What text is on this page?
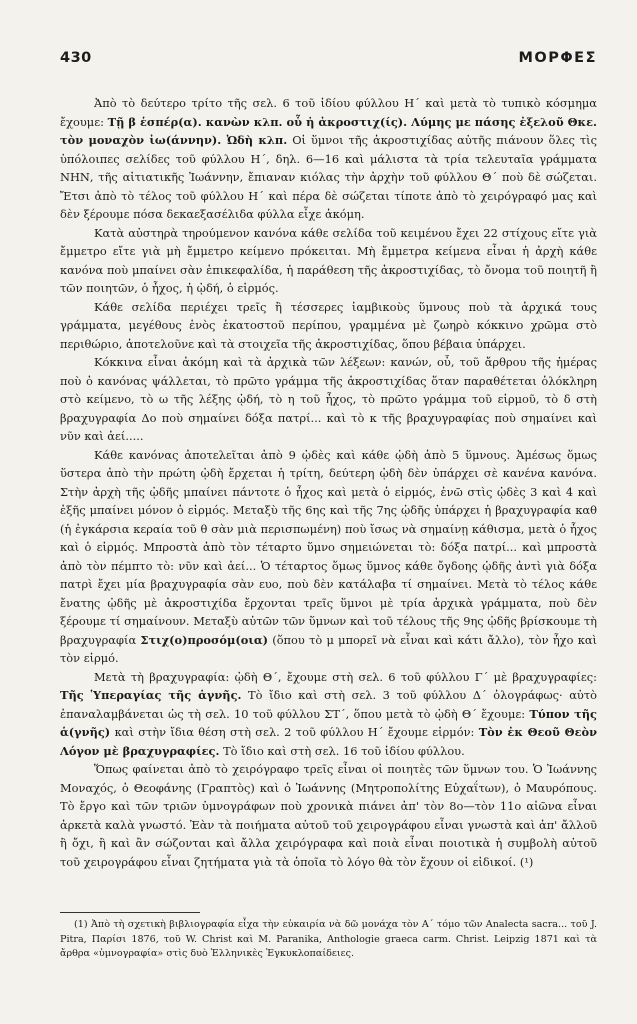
430	ΜΟΡΦΕΣ

Ἀπὸ τὸ δεύτερο τρίτο τῆς σελ. 6 τοῦ ἰδίου φύλλου Η΄ καὶ μετὰ τὸ τυπικὸ κόσμημα ἔχουμε: Τῇ β ἑσπέρ(α). κανὼν κλπ. οὗ ἡ ἀκροστιχ(ίς). Λύμης με πάσης ἐξελοῦ Θκε. τὸν μοναχὸν ἰω(άννην). Ὠδὴ κλπ. Οἱ ὕμνοι τῆς ἀκροστιχίδας αὐτῆς πιάνουν ὅλες τὶς ὑπόλοιπες σελίδες τοῦ φύλλου Η΄, δηλ. 6—16 καὶ μάλιστα τὰ τρία τελευταῖα γράμματα ΝΗΝ, τῆς αἰτιατικῆς Ἰωάννην, ἔπιαναν κιόλας τὴν ἀρχὴν τοῦ φύλλου Θ΄ ποὺ δὲ σώζεται. Ἔτσι ἀπὸ τὸ τέλος τοῦ φύλλου Η΄ καὶ πέρα δὲ σώζεται τίποτε ἀπὸ τὸ χειρόγραφό μας καὶ δὲν ξέρουμε πόσα δεκαεξασέλιδα φύλλα εἶχε ἀκόμη.

Κατὰ αὐστηρὰ τηρούμενον κανόνα κάθε σελίδα τοῦ κειμένου ἔχει 22 στίχους εἴτε γιὰ ἔμμετρο εἴτε γιὰ μὴ ἔμμετρο κείμενο πρόκειται. Μὴ ἔμμετρα κείμενα εἶναι ἡ ἀρχὴ κάθε κανόνα ποὺ μπαίνει σὰν ἐπικεφαλίδα, ἡ παράθεση τῆς ἀκροστιχίδας, τὸ ὄνομα τοῦ ποιητῆ ἢ τῶν ποιητῶν, ὁ ἦχος, ἡ ᾠδή, ὁ εἱρμός.

Κάθε σελίδα περιέχει τρεῖς ἢ τέσσερες ἰαμβικοὺς ὕμνους ποὺ τὰ ἀρχικά τους γράμματα, μεγέθους ἑνὸς ἑκατοστοῦ περίπου, γραμμένα μὲ ζωηρὸ κόκκινο χρῶμα στὸ περιθώριο, ἀποτελοῦνε καὶ τὰ στοιχεῖα τῆς ἀκροστιχίδας, ὅπου βέβαια ὑπάρχει.

Κόκκινα εἶναι ἀκόμη καὶ τὰ ἀρχικὰ τῶν λέξεων: κανών, οὗ, τοῦ ἄρθρου τῆς ἡμέρας ποὺ ὁ κανόνας ψάλλεται, τὸ πρῶτο γράμμα τῆς ἀκροστιχίδας ὅταν παραθέτεται ὁλόκληρη στὸ κείμενο, τὸ ω τῆς λέξης ᾠδή, τὸ η τοῦ ἦχος, τὸ πρῶτο γράμμα τοῦ εἱρμοῦ, τὸ δ στὴ βραχυγραφία Δο ποὺ σημαίνει δόξα πατρί... καὶ τὸ κ τῆς βραχυγραφίας ποὺ σημαίνει καὶ νῦν καὶ ἀεί.....

Κάθε κανόνας ἀποτελεῖται ἀπὸ 9 ᾠδὲς καὶ κάθε ᾠδὴ ἀπὸ 5 ὕμνους. Ἀμέσως ὅμως ὕστερα ἀπὸ τὴν πρώτη ᾠδὴ ἔρχεται ἡ τρίτη, δεύτερη ᾠδὴ δὲν ὑπάρχει σὲ κανένα κανόνα. Στὴν ἀρχὴ τῆς ᾠδῆς μπαίνει πάντοτε ὁ ἦχος καὶ μετὰ ὁ εἱρμός, ἐνῶ στὶς ᾠδὲς 3 καὶ 4 καὶ ἐξῆς μπαίνει μόνον ὁ εἱρμός. Μεταξὺ τῆς 6ης καὶ τῆς 7ης ᾠδῆς ὑπάρχει ἡ βραχυγραφία καθ (ἡ ἐγκάρσια κεραία τοῦ θ σὰν μιὰ περισπωμένη) ποὺ ἴσως νὰ σημαίνῃ κάθισμα, μετὰ ὁ ἦχος καὶ ὁ εἱρμός. Μπροστὰ ἀπὸ τὸν τέταρτο ὕμνο σημειώνεται τὸ: δόξα πατρί... καὶ μπροστὰ ἀπὸ τὸν πέμπτο τὸ: νῦν καὶ ἀεί... Ὁ τέταρτος ὅμως ὕμνος κάθε ὄγδοης ᾠδῆς ἀντὶ γιὰ δόξα πατρὶ ἔχει μία βραχυγραφία σὰν ευο, ποὺ δὲν κατάλαβα τί σημαίνει. Μετὰ τὸ τέλος κάθε ἔνατης ᾠδῆς μὲ ἀκροστιχίδα ἔρχονται τρεῖς ὕμνοι μὲ τρία ἀρχικὰ γράμματα, ποὺ δὲν ξέρουμε τί σημαίνουν. Μεταξὺ αὐτῶν τῶν ὕμνων καὶ τοῦ τέλους τῆς 9ης ᾠδῆς βρίσκουμε τὴ βραχυγραφία Στιχ(ο)προσόμ(οια) (ὅπου τὸ μ μπορεῖ νὰ εἶναι καὶ κάτι ἄλλο), τὸν ἦχο καὶ τὸν εἱρμό.

Μετὰ τὴ βραχυγραφία: ᾠδὴ Θ΄, ἔχουμε στὴ σελ. 6 τοῦ φύλλου Γ΄ μὲ βραχυγραφίες: Τῆς Ὑπεραγίας τῆς ἁγνῆς. Τὸ ἴδιο καὶ στὴ σελ. 3 τοῦ φύλλου Δ΄ ὁλογράφως· αὐτὸ ἐπαναλαμβάνεται ὡς τὴ σελ. 10 τοῦ φύλλου ΣΤ΄, ὅπου μετὰ τὸ ᾠδὴ Θ΄ ἔχουμε: Τύπον τῆς ἁ(γνῆς) καὶ στὴν ἴδια θέση στὴ σελ. 2 τοῦ φύλλου Η΄ ἔχουμε εἱρμόν: Τὸν ἐκ Θεοῦ Θεὸν Λόγον μὲ βραχυγραφίες. Τὸ ἴδιο καὶ στὴ σελ. 16 τοῦ ἰδίου φύλλου.

Ὅπως φαίνεται ἀπὸ τὸ χειρόγραφο τρεῖς εἶναι οἱ ποιητὲς τῶν ὕμνων του. Ὁ Ἰωάννης Μοναχός, ὁ Θεοφάνης (Γραπτὸς) καὶ ὁ Ἰωάννης (Μητροπολίτης Εὐχαΐτων), ὁ Μαυρόπους. Τὸ ἔργο καὶ τῶν τριῶν ὑμνογράφων ποὺ χρονικὰ πιάνει ἀπ' τὸν 8ο—τὸν 11ο αἰῶνα εἶναι ἀρκετὰ καλὰ γνωστό. Ἐὰν τὰ ποιήματα αὐτοῦ τοῦ χειρογράφου εἶναι γνωστὰ καὶ ἀπ' ἄλλοῦ ἢ ὄχι, ἢ καὶ ἂν σώζονται καὶ ἄλλα χειρόγραφα καὶ ποιὰ εἶναι ποιοτικὰ ἡ συμβολὴ αὐτοῦ τοῦ χειρογράφου εἶναι ζητήματα γιὰ τὰ ὁποῖα τὸ λόγο θὰ τὸν ἔχουν οἱ εἰδικοί. (¹)

(1) Ἀπὸ τὴ σχετικὴ βιβλιογραφία εἶχα τὴν εὐκαιρία νὰ δῶ μονάχα τὸν Α΄ τόμο τῶν Analecta sacra... τοῦ J. Pitra, Παρίσι 1876, τοῦ W. Christ καὶ M. Paranika, Anthologie graeca carm. Christ. Leipzig 1871 καὶ τὰ ἄρθρα «ὑμνογραφία» στὶς δυὸ Ἑλληνικὲς Ἐγκυκλοπαίδειες.
